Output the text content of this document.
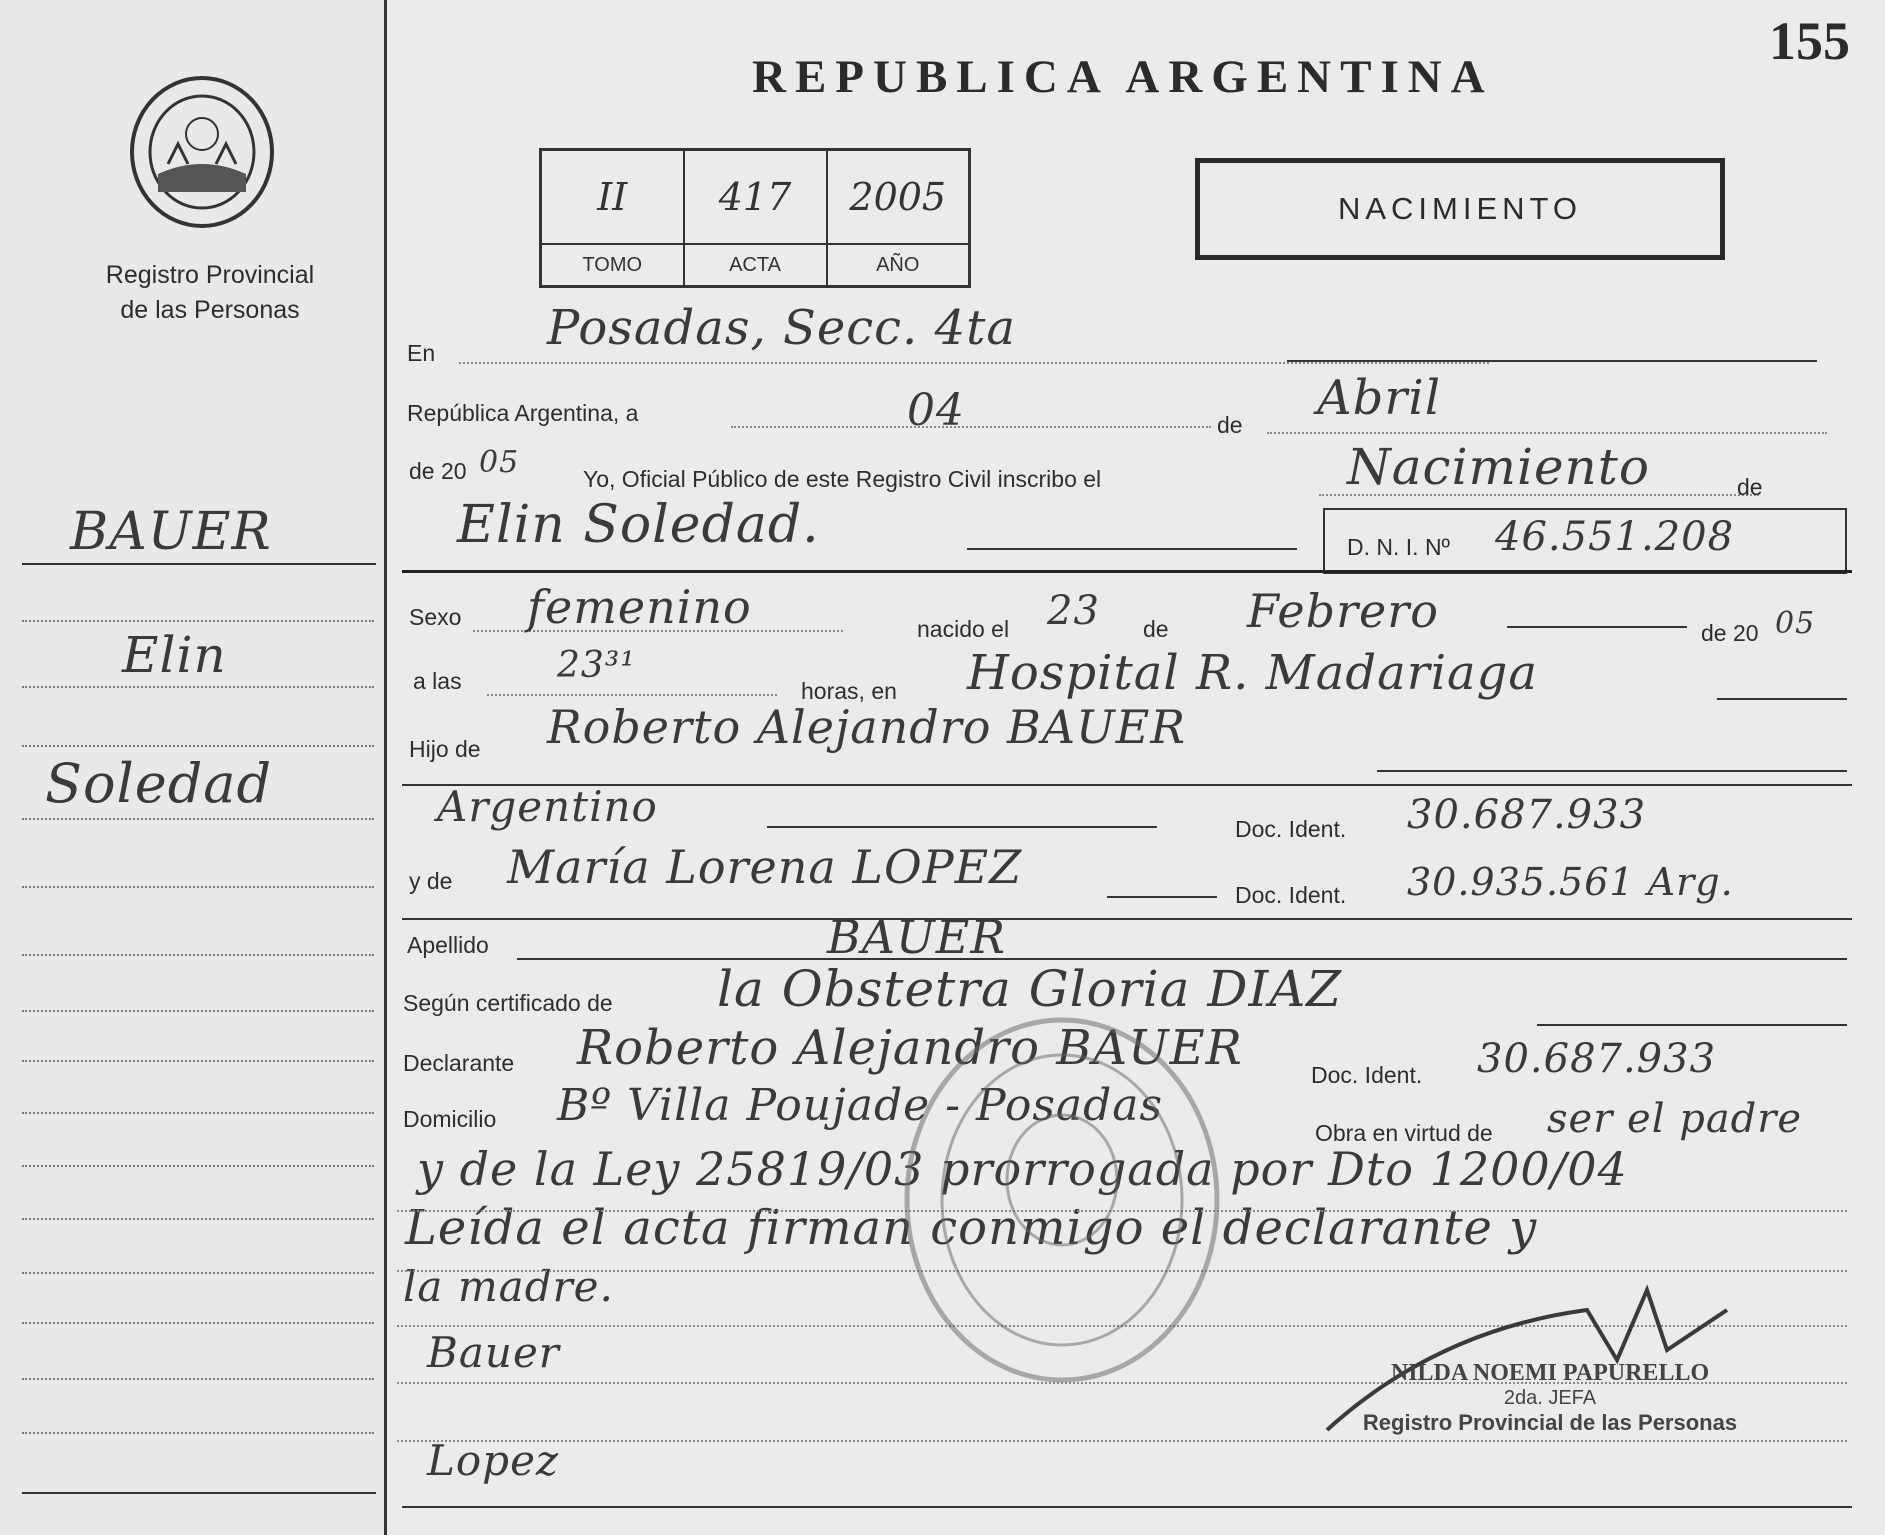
Registro Provincial
de las Personas
BAUER
Elin
Soledad
REPUBLICA ARGENTINA
155
II	417	2005
TOMO	ACTA	AÑO
NACIMIENTO
En Posadas, Secc. 4ta
República Argentina, a	04	de Abril
de 20 05	Yo, Oficial Público de este Registro Civil inscribo el	Nacimiento	de
Elin Soledad.	D. N. I. Nº 46.551.208
Sexo femenino	nacido el 23 de Febrero	de 20 05
a las	23³¹
horas, en Hospital R. Madariaga
Hijo de Roberto Alejandro BAUER
Argentino	Doc. Ident. 30.687.933
y de María Lorena LOPEZ
Doc. Ident. 30.935.561 Arg.
Apellido	BAUER
Según certificado de la Obstetra Gloria DIAZ
Declarante Roberto Alejandro BAUER	Doc. Ident. 30.687.933
Domicilio Bº Villa Poujade - Posadas
Obra en virtud de ser el padre
y de la Ley 25819/03 prorrogada por Dto 1200/04
Leída el acta firman conmigo el declarante y
la madre.
Bauer
Lopez
NILDA NOEMI PAPURELLO
2da. JEFA
Registro Provincial de las Personas
